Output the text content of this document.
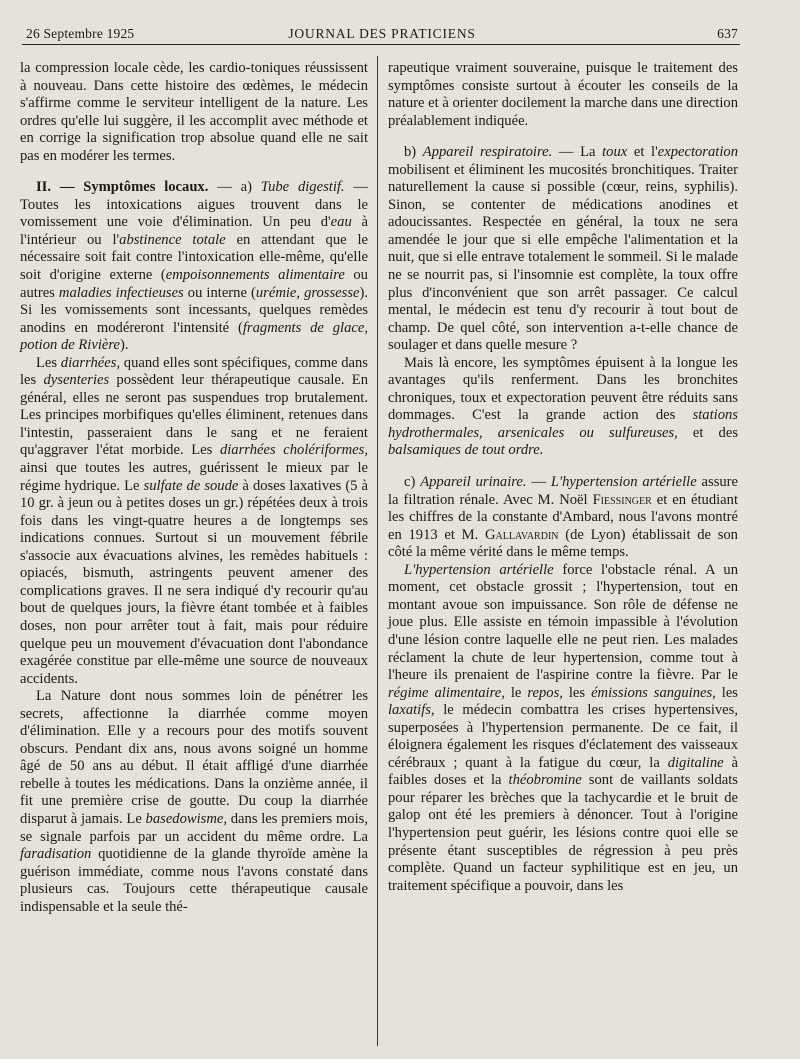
26 Septembre 1925	JOURNAL DES PRATICIENS	637

la compression locale cède, les cardio-toniques réussissent à nouveau. Dans cette histoire des œdèmes, le médecin s'affirme comme le serviteur intelligent de la nature. Les ordres qu'elle lui suggère, il les accomplit avec méthode et en corrige la signification trop absolue quand elle ne sait pas en modérer les termes.

II. — Symptômes locaux. — a) Tube digestif. — Toutes les intoxications aigues trouvent dans le vomissement une voie d'élimination. Un peu d'eau à l'intérieur ou l'abstinence totale en attendant que le nécessaire soit fait contre l'intoxication elle-même, qu'elle soit d'origine externe (empoisonnements alimentaire ou autres maladies infectieuses ou interne (urémie, grossesse). Si les vomissements sont incessants, quelques remèdes anodins en modéreront l'intensité (fragments de glace, potion de Rivière).

Les diarrhées, quand elles sont spécifiques, comme dans les dysenteries possèdent leur thérapeutique causale. En général, elles ne seront pas suspendues trop brutalement. Les principes morbifiques qu'elles éliminent, retenues dans l'intestin, passeraient dans le sang et ne feraient qu'aggraver l'état morbide. Les diarrhées cholériformes, ainsi que toutes les autres, guérissent le mieux par le régime hydrique. Le sulfate de soude à doses laxatives (5 à 10 gr. à jeun ou à petites doses un gr.) répétées deux à trois fois dans les vingt-quatre heures a de longtemps ses indications connues. Surtout si un mouvement fébrile s'associe aux évacuations alvines, les remèdes habituels : opiacés, bismuth, astringents peuvent amener des complications graves. Il ne sera indiqué d'y recourir qu'au bout de quelques jours, la fièvre étant tombée et à faibles doses, non pour arrêter tout à fait, mais pour réduire quelque peu un mouvement d'évacuation dont l'abondance exagérée constitue par elle-même une source de nouveaux accidents.

La Nature dont nous sommes loin de pénétrer les secrets, affectionne la diarrhée comme moyen d'élimination. Elle y a recours pour des motifs souvent obscurs. Pendant dix ans, nous avons soigné un homme âgé de 50 ans au début. Il était affligé d'une diarrhée rebelle à toutes les médications. Dans la onzième année, il fit une première crise de goutte. Du coup la diarrhée disparut à jamais. Le basedowisme, dans les premiers mois, se signale parfois par un accident du même ordre. La faradisation quotidienne de la glande thyroïde amène la guérison immédiate, comme nous l'avons constaté dans plusieurs cas. Toujours cette thérapeutique causale indispensable et la seule thé-

rapeutique vraiment souveraine, puisque le traitement des symptômes consiste surtout à écouter les conseils de la nature et à orienter docilement la marche dans une direction préalablement indiquée.

b) Appareil respiratoire. — La toux et l'expectoration mobilisent et éliminent les mucosités bronchitiques. Traiter naturellement la cause si possible (cœur, reins, syphilis). Sinon, se contenter de médications anodines et adoucissantes. Respectée en général, la toux ne sera amendée le jour que si elle empêche l'alimentation et la nuit, que si elle entrave totalement le sommeil. Si le malade ne se nourrit pas, si l'insomnie est complète, la toux offre plus d'inconvénient que son arrêt passager. Ce calcul mental, le médecin est tenu d'y recourir à tout bout de champ. De quel côté, son intervention a-t-elle chance de soulager et dans quelle mesure ?

Mais là encore, les symptômes épuisent à la longue les avantages qu'ils renferment. Dans les bronchites chroniques, toux et expectoration peuvent être réduits sans dommages. C'est la grande action des stations hydrothermales, arsenicales ou sulfureuses, et des balsamiques de tout ordre.

c) Appareil urinaire. — L'hypertension artérielle assure la filtration rénale. Avec M. Noël Fiessinger et en étudiant les chiffres de la constante d'Ambard, nous l'avons montré en 1913 et M. Gallavardin (de Lyon) établissait de son côté la même vérité dans le même temps.

L'hypertension artérielle force l'obstacle rénal. A un moment, cet obstacle grossit ; l'hypertension, tout en montant avoue son impuissance. Son rôle de défense ne joue plus. Elle assiste en témoin impassible à l'évolution d'une lésion contre laquelle elle ne peut rien. Les malades réclament la chute de leur hypertension, comme tout à l'heure ils prenaient de l'aspirine contre la fièvre. Par le régime alimentaire, le repos, les émissions sanguines, les laxatifs, le médecin combattra les crises hypertensives, superposées à l'hypertension permanente. De ce fait, il éloignera également les risques d'éclatement des vaisseaux cérébraux ; quant à la fatigue du cœur, la digitaline à faibles doses et la théobromine sont de vaillants soldats pour réparer les brèches que la tachycardie et le bruit de galop ont été les premiers à dénoncer. Tout à l'origine l'hypertension peut guérir, les lésions contre quoi elle se présente étant susceptibles de régression à peu près complète. Quand un facteur syphilitique est en jeu, un traitement spécifique a pouvoir, dans les
